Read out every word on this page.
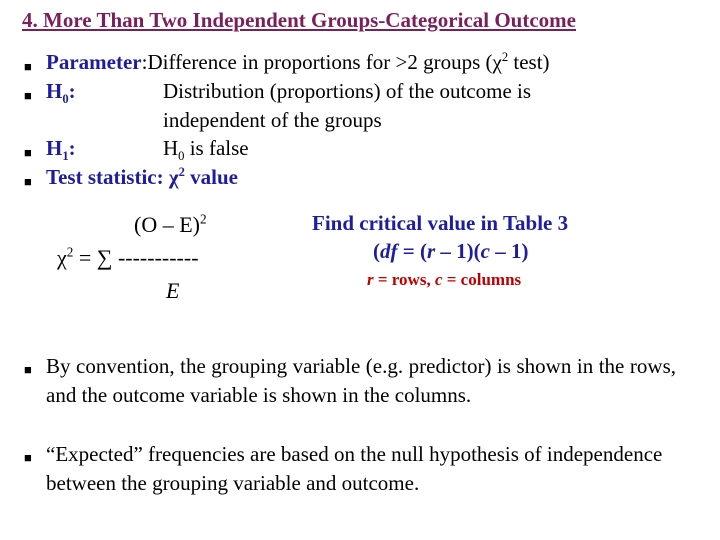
4. More Than Two Independent Groups-Categorical Outcome
■ Parameter:Difference in proportions for >2 groups ($\chi^2$ test)
■ $H_0$:	Distribution (proportions) of the outcome is
independent of the groups
■ $H_1$:	$H_0$ is false
■ Test statistic: $\chi^2$ value
(O – E)$^2$
$\chi^2$ = ∑ -----------
E
Find critical value in Table 3
(df = (r – 1)(c – 1)
r = rows, c = columns
■ By convention, the grouping variable (e.g. predictor) is shown in the rows, and the outcome variable is shown in the columns.
■ “Expected” frequencies are based on the null hypothesis of independence between the grouping variable and outcome.
